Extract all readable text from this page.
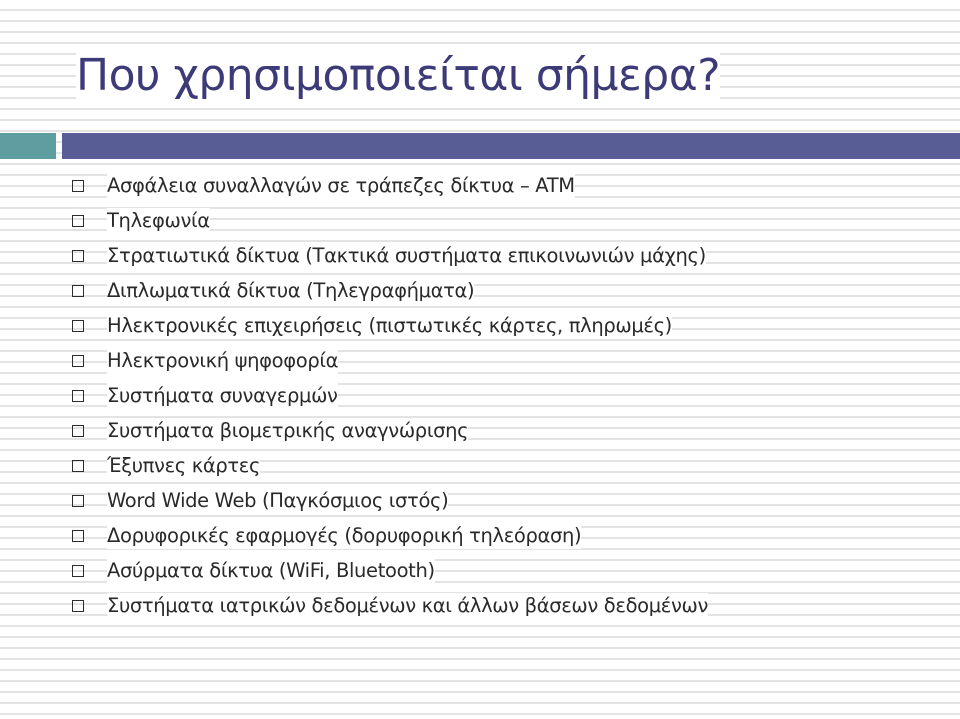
Που χρησιμοποιείται σήμερα?
Ασφάλεια συναλλαγών σε τράπεζες δίκτυα – ATM
Τηλεφωνία
Στρατιωτικά δίκτυα (Τακτικά συστήματα επικοινωνιών μάχης)
Διπλωματικά δίκτυα (Τηλεγραφήματα)
Ηλεκτρονικές επιχειρήσεις (πιστωτικές κάρτες, πληρωμές)
Ηλεκτρονική ψηφοφορία
Συστήματα συναγερμών
Συστήματα βιομετρικής αναγνώρισης
Έξυπνες κάρτες
Word Wide Web (Παγκόσμιος ιστός)
Δορυφορικές εφαρμογές (δορυφορική τηλεόραση)
Ασύρματα δίκτυα (WiFi, Bluetooth)
Συστήματα ιατρικών δεδομένων και άλλων βάσεων δεδομένων
